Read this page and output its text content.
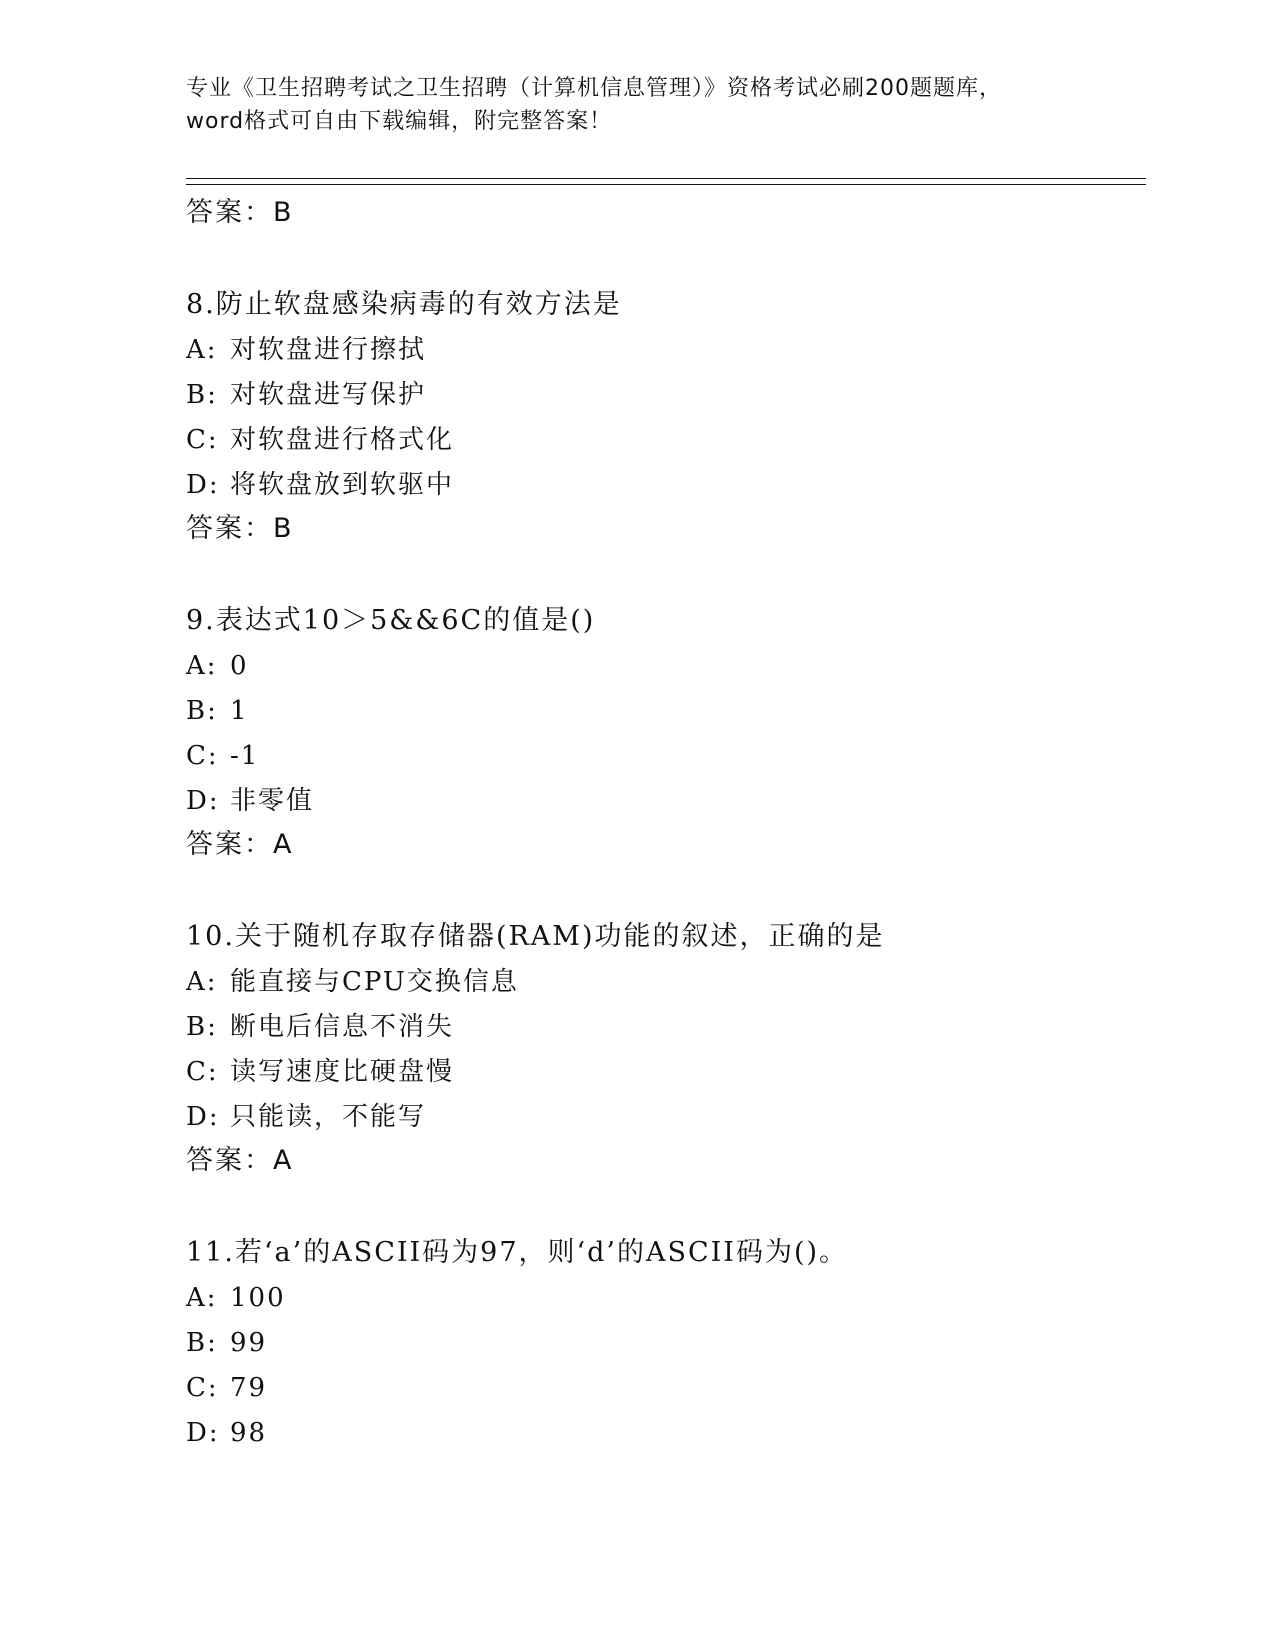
专业《卫生招聘考试之卫生招聘（计算机信息管理）》资格考试必刷200题题库，
word格式可自由下载编辑，附完整答案！
答案：B
8.防止软盘感染病毒的有效方法是
A: 对软盘进行擦拭
B: 对软盘进写保护
C: 对软盘进行格式化
D: 将软盘放到软驱中
答案：B
9.表达式10＞5&&6C的值是()
A: 0
B: 1
C: -1
D: 非零值
答案：A
10.关于随机存取存储器(RAM)功能的叙述，正确的是
A: 能直接与CPU交换信息
B: 断电后信息不消失
C: 读写速度比硬盘慢
D: 只能读，不能写
答案：A
11.若‘a’的ASCII码为97，则‘d’的ASCII码为()。
A: 100
B: 99
C: 79
D: 98
